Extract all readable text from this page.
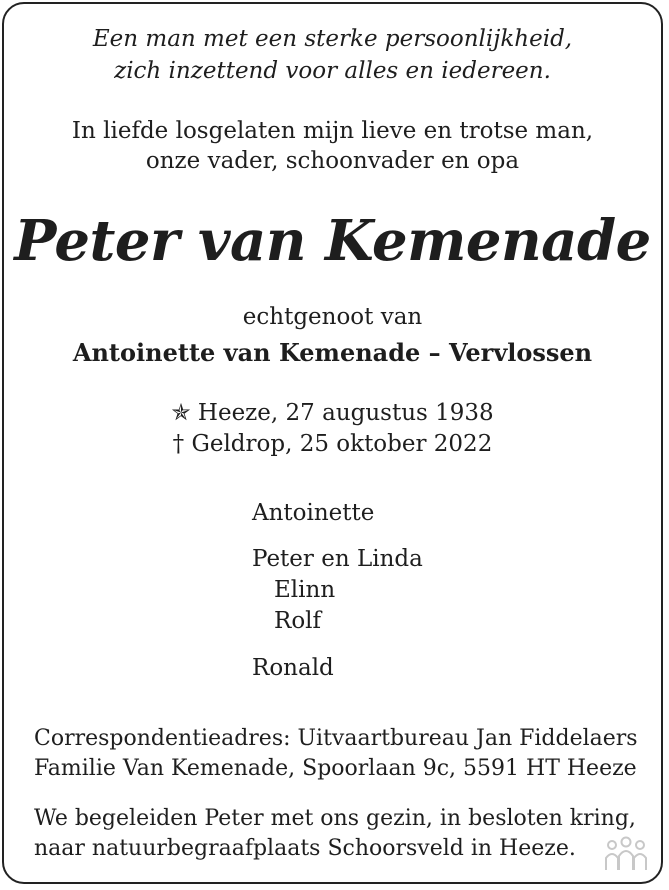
Een man met een sterke persoonlijkheid,
zich inzettend voor alles en iedereen.
In liefde losgelaten mijn lieve en trotse man,
onze vader, schoonvader en opa
Peter van Kemenade
echtgenoot van
Antoinette van Kemenade – Vervlossen
✯ Heeze, 27 augustus 1938
† Geldrop, 25 oktober 2022
Antoinette
Peter en Linda
Elinn
Rolf
Ronald
Correspondentieadres: Uitvaartbureau Jan Fiddelaers
Familie Van Kemenade, Spoorlaan 9c, 5591 HT Heeze
We begeleiden Peter met ons gezin, in besloten kring,
naar natuurbegraafplaats Schoorsveld in Heeze.
